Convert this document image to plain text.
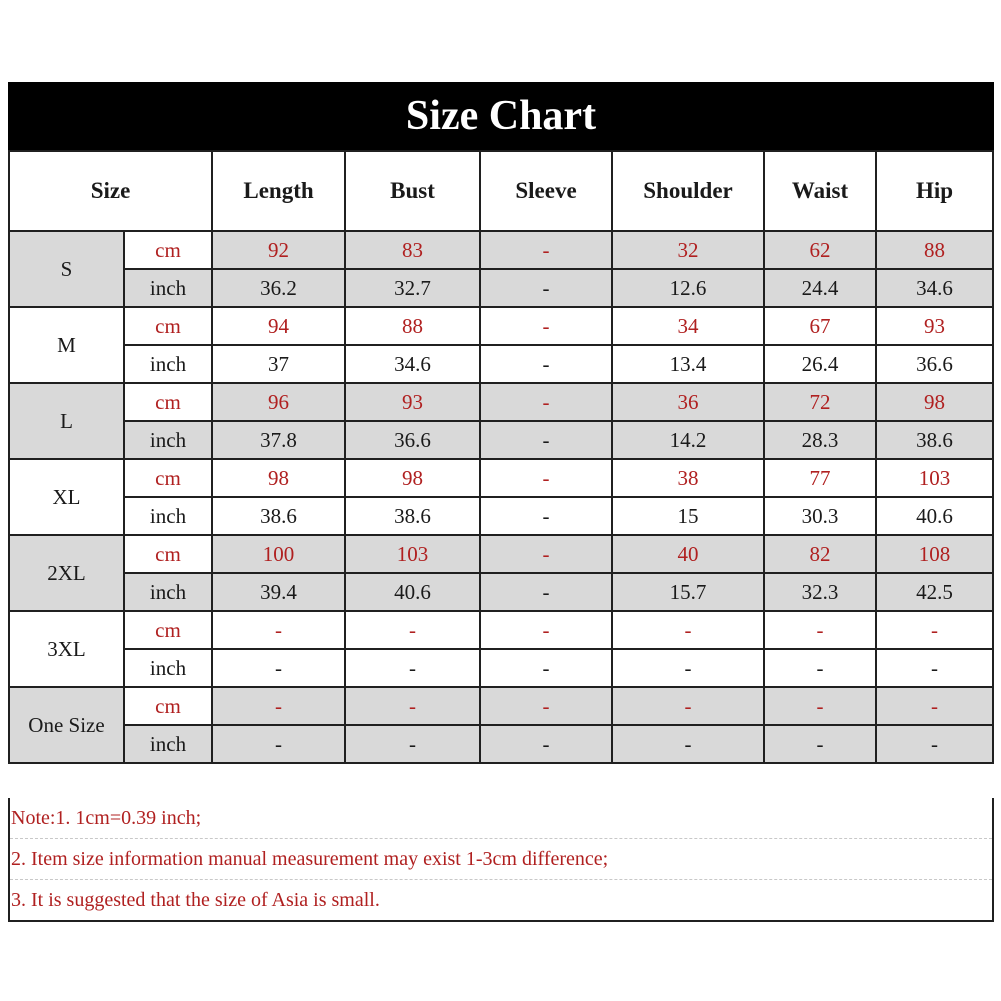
Size Chart
Size		Length	Bust	Sleeve	Shoulder	Waist	Hip
S	cm	92	83	-	32	62	88
	inch	36.2	32.7	-	12.6	24.4	34.6
M	cm	94	88	-	34	67	93
	inch	37	34.6	-	13.4	26.4	36.6
L	cm	96	93	-	36	72	98
	inch	37.8	36.6	-	14.2	28.3	38.6
XL	cm	98	98	-	38	77	103
	inch	38.6	38.6	-	15	30.3	40.6
2XL	cm	100	103	-	40	82	108
	inch	39.4	40.6	-	15.7	32.3	42.5
3XL	cm	-	-	-	-	-	-
	inch	-	-	-	-	-	-
One Size	cm	-	-	-	-	-	-
	inch	-	-	-	-	-	-
Note:1. 1cm=0.39 inch;
2. Item size information manual measurement may exist 1-3cm difference;
3. It is suggested that the size of Asia is small.
